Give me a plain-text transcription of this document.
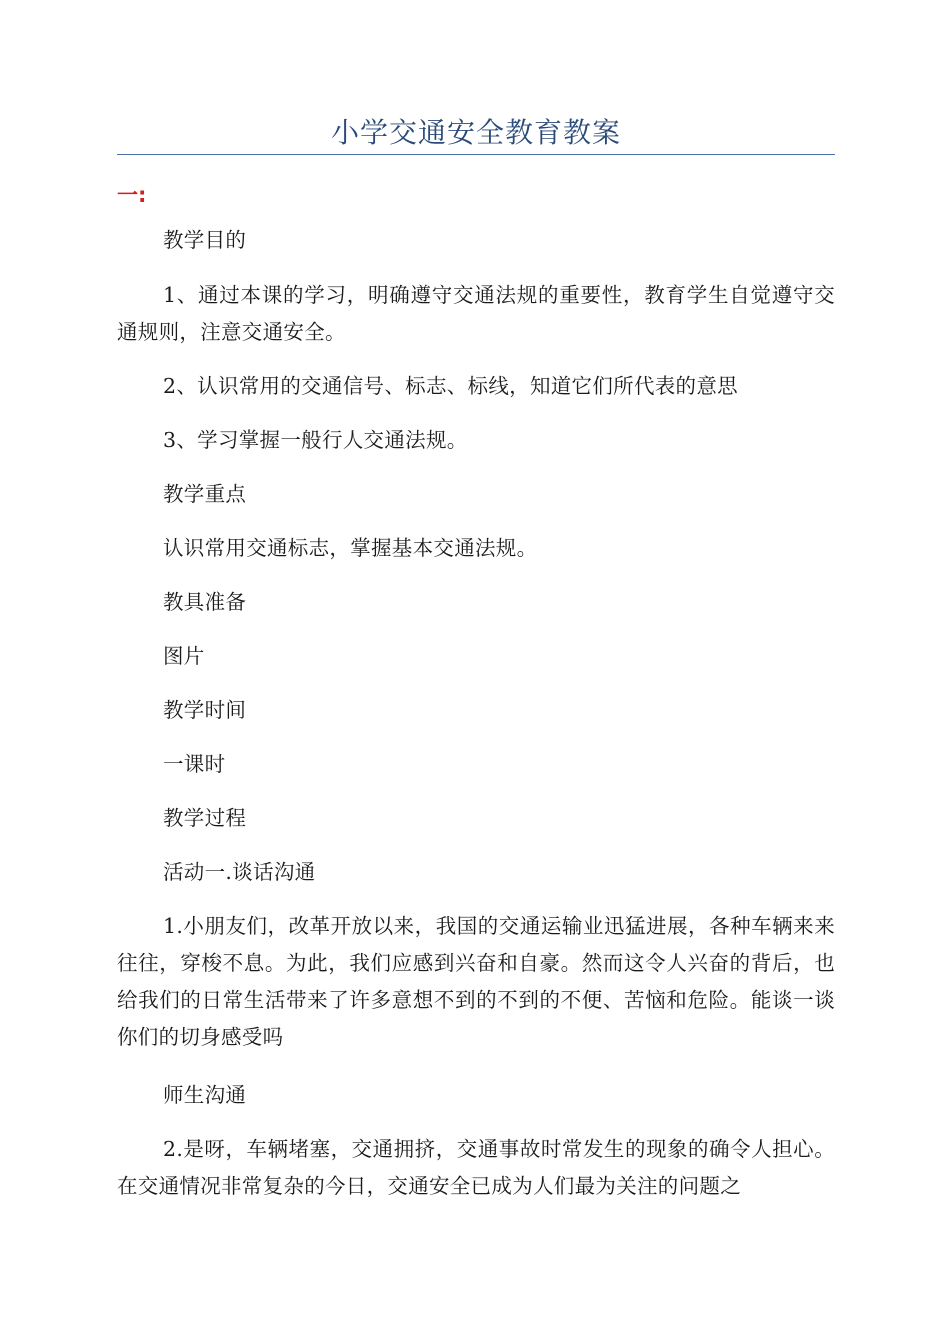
小学交通安全教育教案
一:

教学目的

1、通过本课的学习，明确遵守交通法规的重要性，教育学生自觉遵守交通规则，注意交通安全。

2、认识常用的交通信号、标志、标线，知道它们所代表的意思

3、学习掌握一般行人交通法规。

教学重点

认识常用交通标志，掌握基本交通法规。

教具准备

图片

教学时间

一课时

教学过程

活动一.谈话沟通

1.小朋友们，改革开放以来，我国的交通运输业迅猛进展，各种车辆来来往往，穿梭不息。为此，我们应感到兴奋和自豪。然而这令人兴奋的背后，也给我们的日常生活带来了许多意想不到的不到的不便、苦恼和危险。能谈一谈你们的切身感受吗

师生沟通

2.是呀，车辆堵塞，交通拥挤，交通事故时常发生的现象的确令人担心。在交通情况非常复杂的今日，交通安全已成为人们最为关注的问题之
